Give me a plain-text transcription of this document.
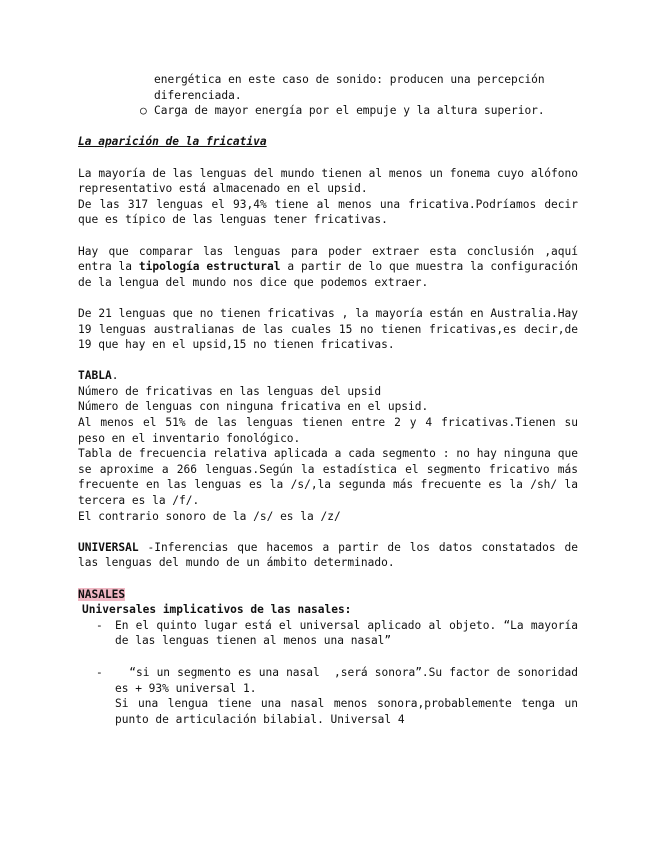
energética en este caso de sonido: producen una percepción
diferenciada.
○ Carga de mayor energía por el empuje y la altura superior.

La aparición de la fricativa

La mayoría de las lenguas del mundo tienen al menos un fonema cuyo alófono representativo está almacenado en el upsid.

De las 317 lenguas el 93,4% tiene al menos una fricativa.Podríamos decir que es típico de las lenguas tener fricativas.

Hay que comparar las lenguas para poder extraer esta conclusión ,aquí entra la tipología estructural a partir de lo que muestra la configuración de la lengua del mundo nos dice que podemos extraer.

De 21 lenguas que no tienen fricativas , la mayoría están en Australia.Hay 19 lenguas australianas de las cuales 15 no tienen fricativas,es decir,de 19 que hay en el upsid,15 no tienen fricativas.

TABLA.

Número de fricativas en las lenguas del upsid

Número de lenguas con ninguna fricativa en el upsid.

Al menos el 51% de las lenguas tienen entre 2 y 4 fricativas.Tienen su peso en el inventario fonológico.

Tabla de frecuencia relativa aplicada a cada segmento : no hay ninguna que se aproxime a 266 lenguas.Según la estadística el segmento fricativo más frecuente en las lenguas es la /s/,la segunda más frecuente es la /sh/ la tercera es la /f/.

El contrario sonoro de la /s/ es la /z/

UNIVERSAL -Inferencias que hacemos a partir de los datos constatados de las lenguas del mundo de un ámbito determinado.

NASALES

Universales implicativos de las nasales:

- En el quinto lugar está el universal aplicado al objeto. “La mayoría de las lenguas tienen al menos una nasal”
- “si un segmento es una nasal  ,será sonora”.Su factor de sonoridad es + 93% universal 1.
Si una lengua tiene una nasal menos sonora,probablemente tenga un punto de articulación bilabial. Universal 4
